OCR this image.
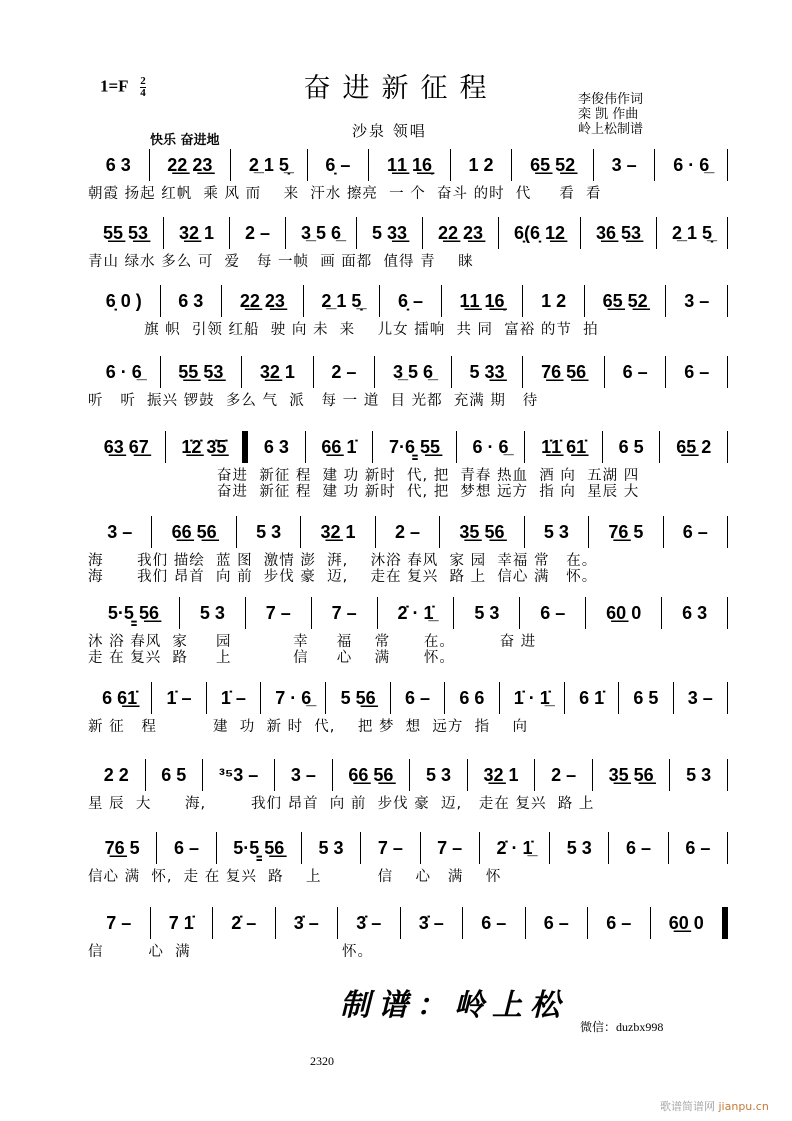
$1=F \frac{2}{4}$	奋进新征程	李俊伟作词
栾 凯 作曲
岭上松制谱
沙泉 领唱
快乐 奋进地
6 3	2͟2 2͟3	2̲ 1 5̣̲	6̣ –	1͟1 1͟6̣	1 2	6͟5 5͟2	3 –	6 · 6̲
朝霞 扬起 红帆  乘 风 而    来  汗水 擦亮  一 个  奋斗 的时  代     看  看
5͟5 5͟3	3͟2 1	2 –	3̲ 5 6̲	5 3͟3	2͟2 2͟3	6̣(6̣ 1͟2	3͟6 5͟3	2̲ 1 5̣̲
青山 绿水 多么 可  爱   每 一帧  画 面都  值得 青    睐
6̣ 0 )	6 3	2͟2 2͟3	2̲ 1 5̣̲	6̣ –	1͟1 1͟6̣	1 2	6͟5 5͟2	3 –
旗 帜  引领 红船  驶 向 未  来    儿女 擂响  共 同  富裕 的节  拍
6 · 6̲	5͟5 5͟3	3͟2 1	2 –	3̲ 5 6̲	5 3͟3	7͟6 5͟6	6 –	6 –
听   听  振兴 锣鼓  多么 气  派   每 一 道  目 光都  充满 期   待
6͟3 6͟7	1̇͟2̇ 3̇͟5̇	6 3	6͟6 1̇	7·6̳ 5͟5	6 · 6̲	1̇͟1̇ 6͟1̇	6 5	6͟5 2
奋进  新征 程  建 功 新时  代, 把  青春 热血  酒 向  五湖 四
奋进  新征 程  建 功 新时  代, 把  梦想 远方  指 向  星辰 大
3 –	6͟6 5͟6	5 3	3͟2 1	2 –	3͟5 5͟6	5 3	7͟6 5	6 –
海      我们 描绘  蓝 图  激情 澎  湃,    沐浴 春风  家 园  幸福 常   在。
海      我们 昂首  向 前  步伐 豪  迈,    走在 复兴  路 上  信心 满   怀。
5·5̳ 5͟6	5 3	7 –	7 –	2̇ · 1̲̇	5 3	6 –	6͟0 0	6 3
沐 浴 春风  家     园           幸     福    常      在。        奋 进
走 在 复兴  路     上           信     心    满      怀。
6 6͟1̇	1̇ –	1̇ –	7 · 6̲	5 5͟6	6 –	6 6	1̇ · 1̲̇	6 1̇	6 5	3 –
新 征   程          建  功  新 时  代,    把 梦  想  远方  指    向
2 2	6 5	³⁵3 –	3 –	6͟6 5͟6	5 3	3͟2 1	2 –	3͟5 5͟6	5 3
星 辰  大      海,        我们 昂首  向 前  步伐 豪  迈,   走在 复兴  路 上
7͟6 5	6 –	5·5̳ 5͟6	5 3	7 –	7 –	2̇ · 1̲̇	5 3	6 –	6 –
信心 满  怀,  走 在 复兴  路    上          信    心   满    怀
7 –	7 1̇	2̇ –	3̇ –	3̇ –	3̇ –	6 –	6 –	6 –	6͟0 0
信        心  满                           怀。
制谱：岭上松
微信：duzbx998
2320
歌谱简谱网 jianpu.cn
